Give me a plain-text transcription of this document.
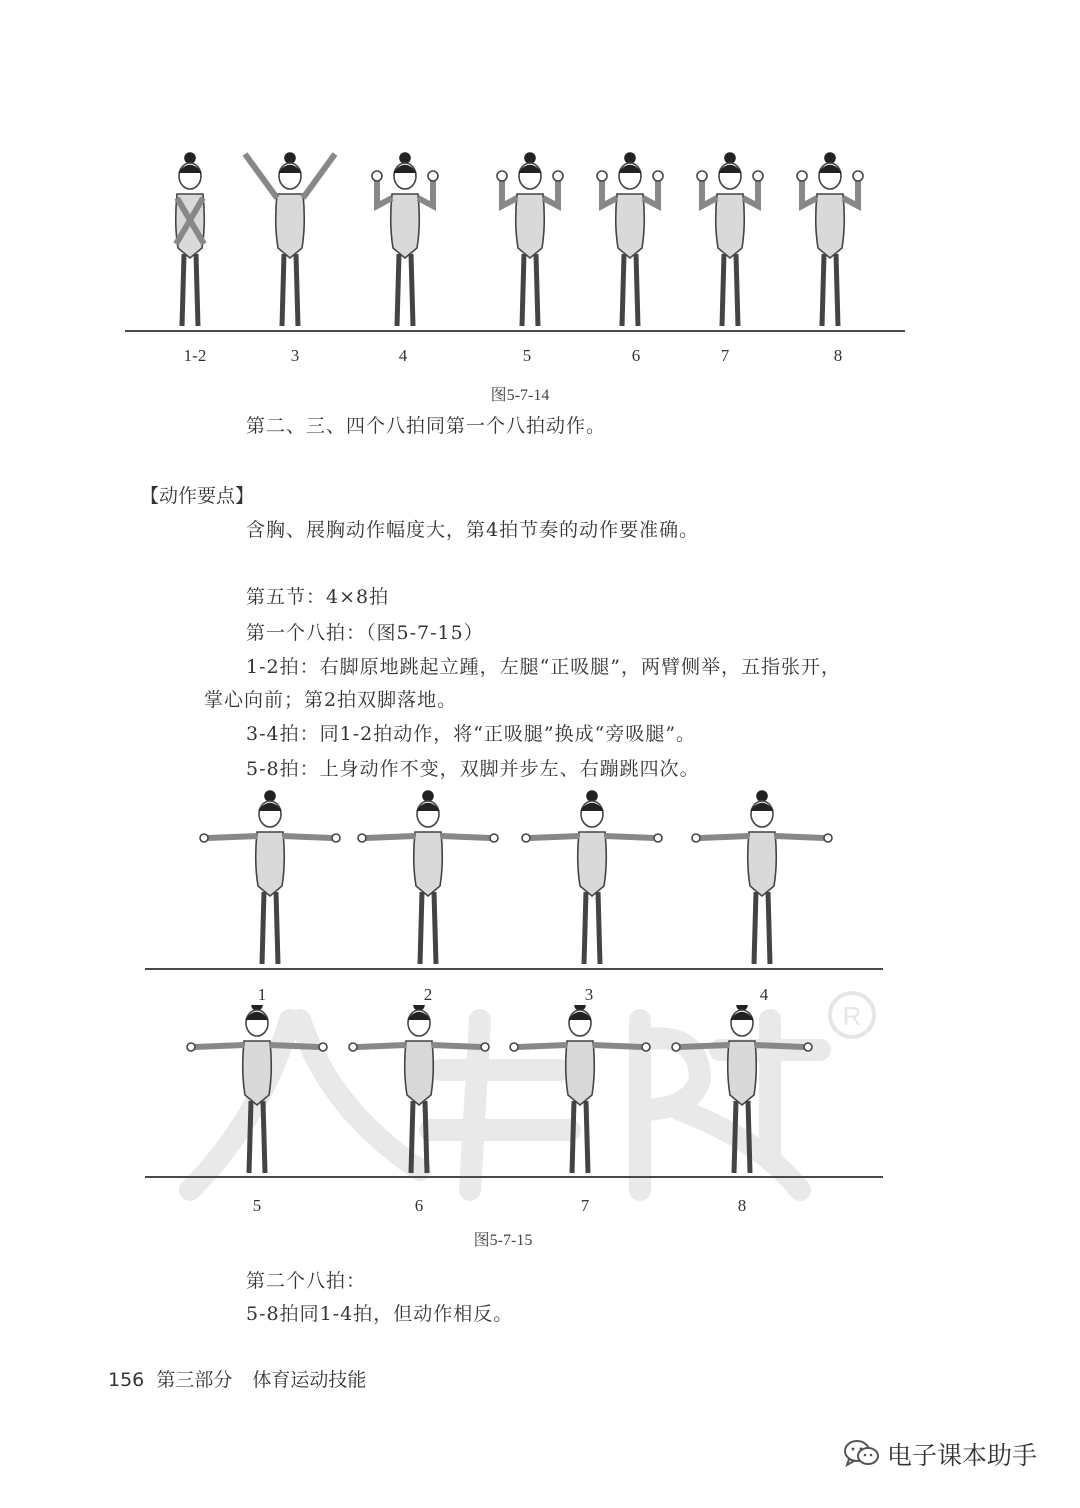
1-2	3	4	5	6	7	8
图5-7-14
第二、三、四个八拍同第一个八拍动作。
【动作要点】
含胸、展胸动作幅度大，第4拍节奏的动作要准确。
第五节：4×8拍
第一个八拍：（图5-7-15）
1-2拍：右脚原地跳起立踵，左腿“正吸腿”，两臂侧举，五指张开，
掌心向前；第2拍双脚落地。
3-4拍：同1-2拍动作，将“正吸腿”换成“旁吸腿”。
5-8拍：上身动作不变，双脚并步左、右蹦跳四次。
R
1	2	3	4
5	6	7	8
图5-7-15
第二个八拍：
5-8拍同1-4拍，但动作相反。
156 第三部分 体育运动技能
电子课本助手
